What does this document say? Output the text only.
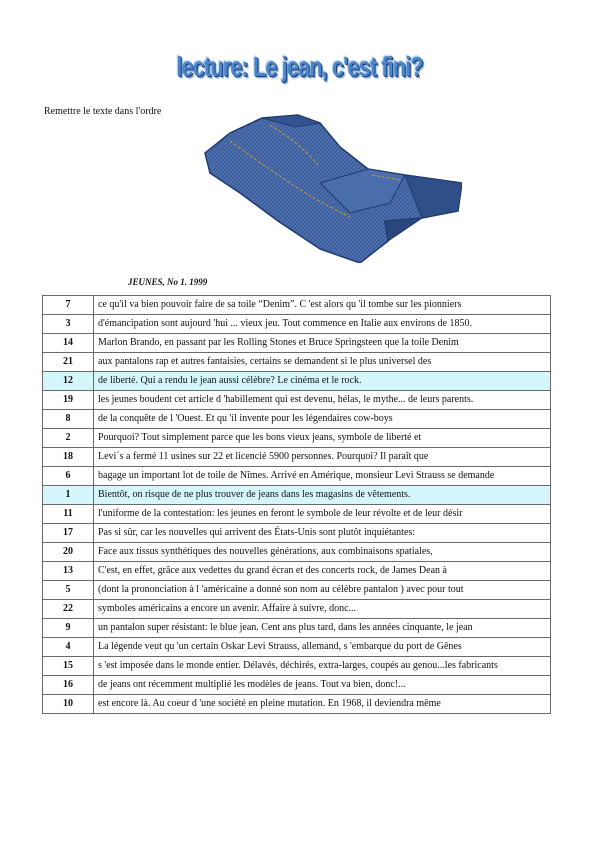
lecture: Le jean, c'est fini?
Remettre le texte dans l'ordre
JEUNES, No 1. 1999
7	ce qu'il va bien pouvoir faire de sa toile “Denim”. C 'est alors qu 'il tombe sur les pionniers
3	d'émancipation sont aujourd 'hui ... vieux jeu. Tout commence en Italie aux environs de 1850.
14	Marlon Brando, en passant par les Rolling Stones et Bruce Springsteen que la toile Denim
21	aux pantalons rap et autres fantaisies, certains se demandent si le plus universel des
12	de liberté. Qui a rendu le jean aussi célèbre? Le cinéma et le rock.
19	les jeunes boudent cet article d 'habillement qui est devenu, hélas, le mythe... de leurs parents.
8	de la conquête de l 'Ouest. Et qu 'il invente pour les légendaires cow-boys
2	Pourquoi? Tout simplement parce que les bons vieux jeans, symbole de liberté et
18	Levi´s a fermé 11 usines sur 22 et licencié 5900 personnes. Pourquoi? Il paraît que
6	bagage un important lot de toile de Nîmes. Arrivé en Amérique, monsieur Levi Strauss se demande
1	Bientôt, on risque de ne plus trouver de jeans dans les magasins de vêtements.
11	l'uniforme de la contestation: les jeunes en feront le symbole de leur révolte et de leur désir
17	Pas si sûr, car les nouvelles qui arrivent des États-Unis sont plutôt inquiétantes:
20	Face aux tissus synthétiques des nouvelles générations, aux combinaisons spatiales,
13	C'est, en effet, grâce aux vedettes du grand écran et des concerts rock, de James Dean à
5	(dont la prononciation à l 'américaine a donné son nom au célèbre pantalon ) avec pour tout
22	symboles américains a encore un avenir. Affaire à suivre, donc...
9	un pantalon super résistant: le blue jean. Cent ans plus tard, dans les années cinquante, le jean
4	La légende veut qu 'un certain Oskar Levi Strauss, allemand, s 'embarque du port de Gênes
15	s 'est imposée dans le monde entier. Délavés, déchirés, extra-larges, coupés au genou...les fabricants
16	de jeans ont récemment multiplié les modèles de jeans. Tout va bien, donc!...
10	est encore là. Au coeur d 'une société en pleine mutation. En 1968, il deviendra même
